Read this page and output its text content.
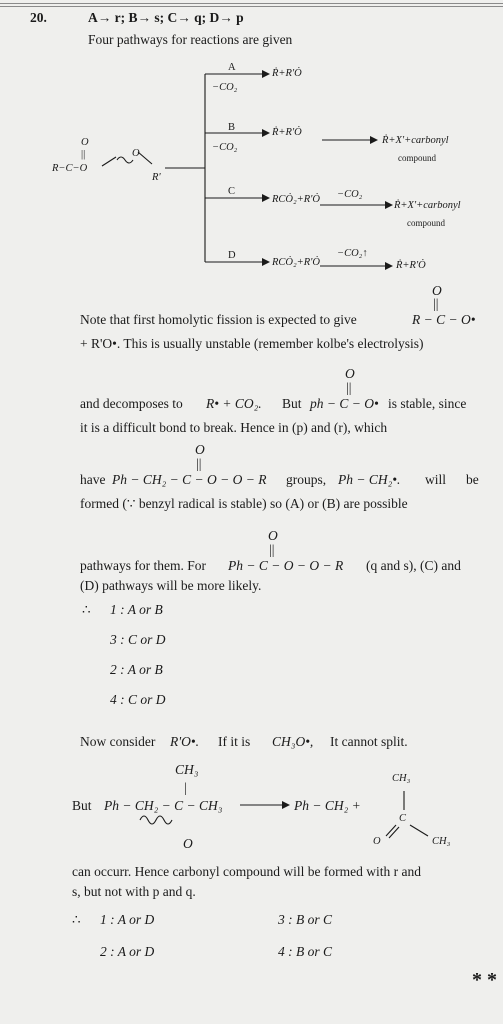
20.	A→ r; B→ s; C→ q; D→ p
Four pathways for reactions are given
O
||
R−C−O
O
R'
A
−CO₂
Ṙ+R'Ȯ
B
−CO₂
Ṙ+R'Ȯ
Ṙ+X'+carbonyl
compound
C
RCȮ₂+R'Ȯ −CO₂
Ṙ+X'+carbonyl
compound
D
RCȮ₂+R'Ȯ
−CO₂↑
Ṙ+R'Ȯ
O
||
Note that first homolytic fission is expected to give	R − C − O•
+ R'O•. This is usually unstable (remember kolbe's electrolysis)
O
||
and decomposes to R• + CO₂. But ph − C − O• is stable, since
it is a difficult bond to break. Hence in (p) and (r), which
O
||
have Ph − CH₂ − C − O − O − R groups, Ph − CH₂•. will be
formed (∵ benzyl radical is stable) so (A) or (B) are possible
O
||
pathways for them. For Ph − C − O − O − R (q and s), (C) and
(D) pathways will be more likely.
∴ 1 : A or B
3 : C or D
2 : A or B
4 : C or D
Now consider R'O•. If it is CH₃O•, It cannot split.
CH₃
|
But Ph − CH₂ − C − CH₃
O
Ph − CH₂ +
CH₃
C
O	CH₃
can occurr. Hence carbonyl compound will be formed with r and
s, but not with p and q.
∴ 1 : A or D	3 : B or C
2 : A or D	4 : B or C
* *
